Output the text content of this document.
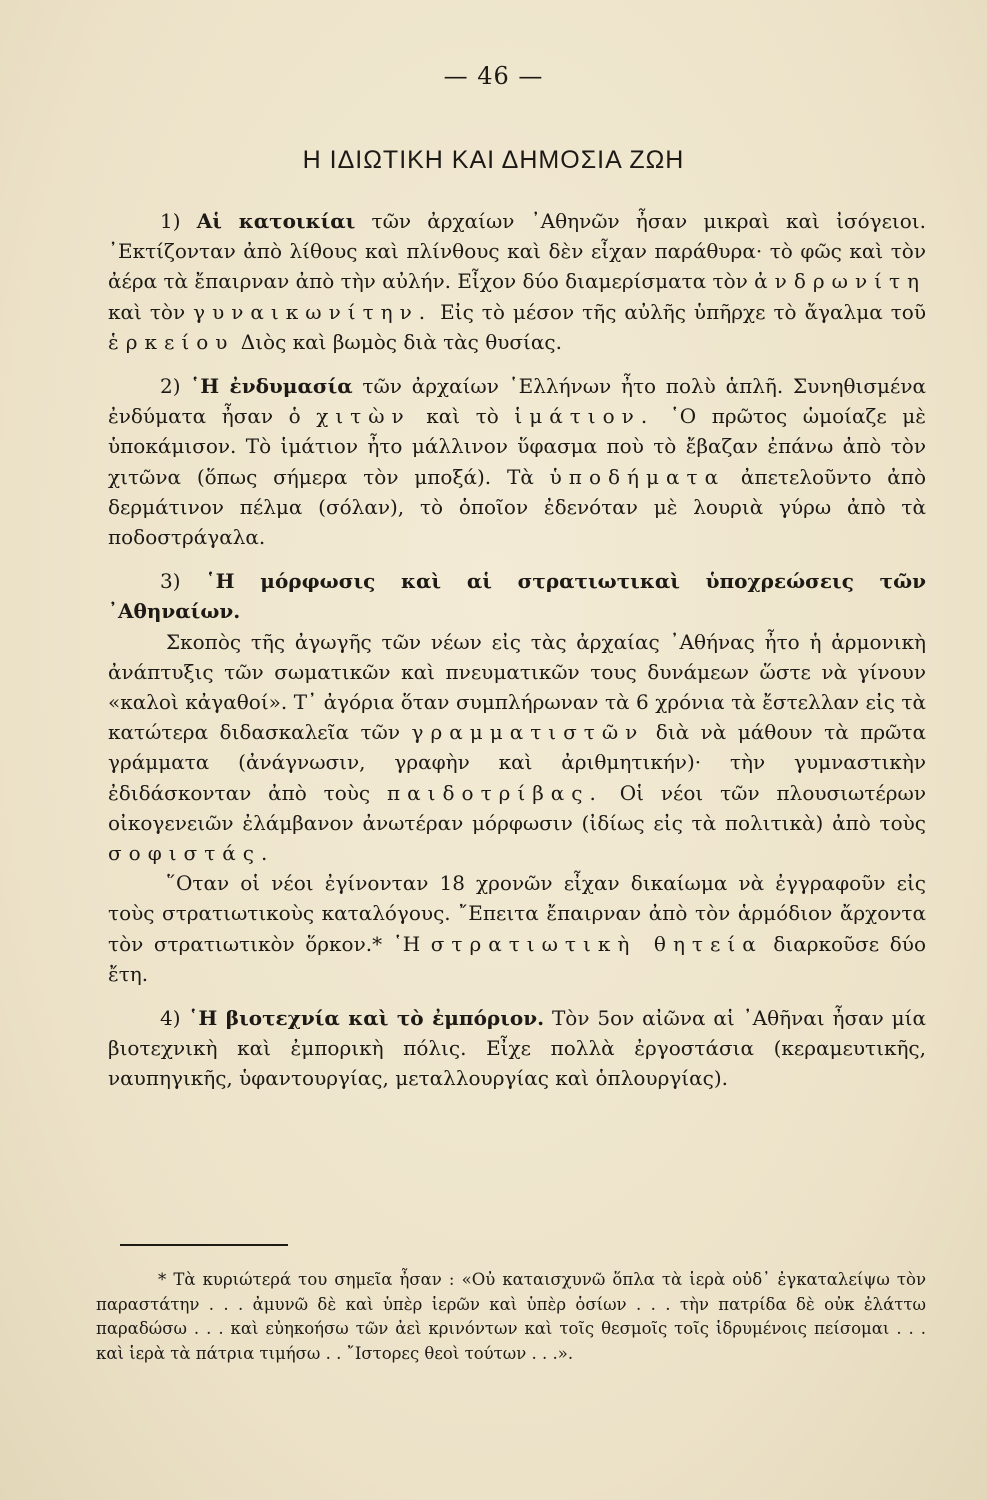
— 46 —
Η ΙΔΙΩΤΙΚΗ ΚΑΙ ΔΗΜΟΣΙΑ ΖΩΗ

1) Αἱ κατοικίαι τῶν ἀρχαίων ᾿Αθηνῶν ἦσαν μικραὶ καὶ ἰσόγειοι. ᾿Εκτίζονταν ἀπὸ λίθους καὶ πλίνθους καὶ δὲν εἶχαν παράθυρα· τὸ φῶς καὶ τὸν ἀέρα τὰ ἔπαιρναν ἀπὸ τὴν αὐλήν. Εἶχον δύο διαμερίσματα τὸν ἀνδρωνίτη καὶ τὸν γυναικωνίτην. Εἰς τὸ μέσον τῆς αὐλῆς ὑπῆρχε τὸ ἄγαλμα τοῦ ἑρκείου Διὸς καὶ βωμὸς διὰ τὰς θυσίας.

2) ῾Η ἐνδυμασία τῶν ἀρχαίων ῾Ελλήνων ἦτο πολὺ ἁπλῆ. Συνηθισμένα ἐνδύματα ἦσαν ὁ χιτὼν καὶ τὸ ἱμάτιον. ῾Ο πρῶτος ὡμοίαζε μὲ ὑποκάμισον. Τὸ ἱμάτιον ἦτο μάλλινον ὕφασμα ποὺ τὸ ἔβαζαν ἐπάνω ἀπὸ τὸν χιτῶνα (ὅπως σήμερα τὸν μποξά). Τὰ ὑποδήματα ἀπετελοῦντο ἀπὸ δερμάτινον πέλμα (σόλαν), τὸ ὁποῖον ἐδενόταν μὲ λουριὰ γύρω ἀπὸ τὰ ποδοστράγαλα.

3) ῾Η μόρφωσις καὶ αἱ στρατιωτικαὶ ὑποχρεώσεις τῶν ᾿Αθηναίων.

Σκοπὸς τῆς ἀγωγῆς τῶν νέων εἰς τὰς ἀρχαίας ᾿Αθήνας ἦτο ἡ ἁρμονικὴ ἀνάπτυξις τῶν σωματικῶν καὶ πνευματικῶν τους δυνάμεων ὥστε νὰ γίνουν «καλοὶ κἀγαθοί». Τ᾿ ἀγόρια ὅταν συμπλήρωναν τὰ 6 χρόνια τὰ ἔστελλαν εἰς τὰ κατώτερα διδασκαλεῖα τῶν γραμματιστῶν διὰ νὰ μάθουν τὰ πρῶτα γράμματα (ἀνάγνωσιν, γραφὴν καὶ ἀριθμητικήν)· τὴν γυμναστικὴν ἐδιδάσκονταν ἀπὸ τοὺς παιδοτρίβας. Οἱ νέοι τῶν πλουσιωτέρων οἰκογενειῶν ἐλάμβανον ἀνωτέραν μόρφωσιν (ἰδίως εἰς τὰ πολιτικὰ) ἀπὸ τοὺς σοφιστάς.

῞Οταν οἱ νέοι ἐγίνονταν 18 χρονῶν εἶχαν δικαίωμα νὰ ἐγγραφοῦν εἰς τοὺς στρατιωτικοὺς καταλόγους. ῎Επειτα ἔπαιρναν ἀπὸ τὸν ἁρμόδιον ἄρχοντα τὸν στρατιωτικὸν ὅρκον.* ῾Η στρατιωτικὴ θητεία διαρκοῦσε δύο ἔτη.

4) ῾Η βιοτεχνία καὶ τὸ ἐμπόριον. Τὸν 5ον αἰῶνα αἱ ᾿Αθῆναι ἦσαν μία βιοτεχνικὴ καὶ ἐμπορικὴ πόλις. Εἶχε πολλὰ ἐργοστάσια (κεραμευτικῆς, ναυπηγικῆς, ὑφαντουργίας, μεταλλουργίας καὶ ὁπλουργίας).

* Τὰ κυριώτερά του σημεῖα ἦσαν : «Οὐ καταισχυνῶ ὅπλα τὰ ἱερὰ οὐδ᾿ ἐγκαταλείψω τὸν παραστάτην . . . ἀμυνῶ δὲ καὶ ὑπὲρ ἱερῶν καὶ ὑπὲρ ὁσίων . . . τὴν πατρίδα δὲ οὐκ ἐλάττω παραδώσω . . . καὶ εὐηκοήσω τῶν ἀεὶ κρινόντων καὶ τοῖς θεσμοῖς τοῖς ἱδρυμένοις πείσομαι . . . καὶ ἱερὰ τὰ πάτρια τιμήσω . . ῎Ιστορες θεοὶ τούτων . . .».
